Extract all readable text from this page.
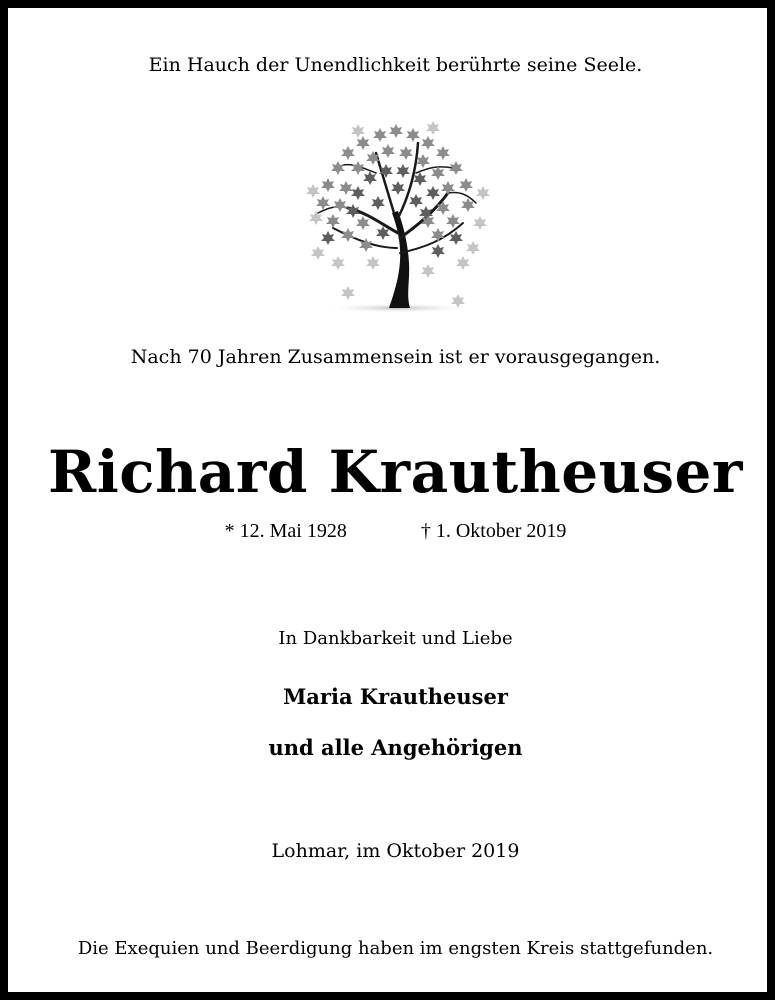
Ein Hauch der Unendlichkeit berührte seine Seele.
Nach 70 Jahren Zusammensein ist er vorausgegangen.
Richard Krautheuser
* 12. Mai 1928	† 1. Oktober 2019
In Dankbarkeit und Liebe
Maria Krautheuser
und alle Angehörigen
Lohmar, im Oktober 2019
Die Exequien und Beerdigung haben im engsten Kreis stattgefunden.
